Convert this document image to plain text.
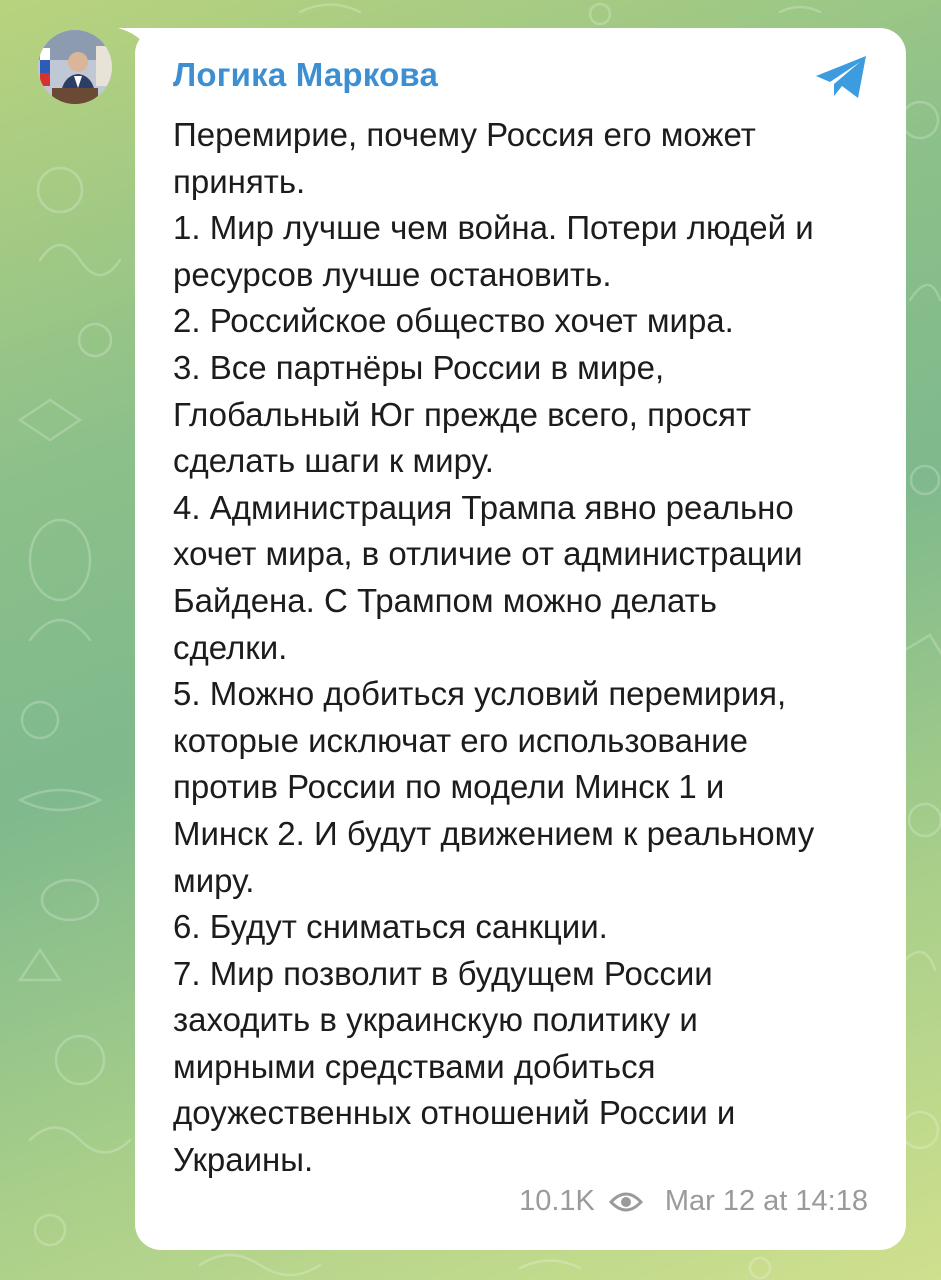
Логика Маркова
Перемирие, почему Россия его может
принять.
1. Мир лучше чем война. Потери людей и
ресурсов лучше остановить.
2. Российское общество хочет мира.
3. Все партнёры России в мире,
Глобальный Юг прежде всего, просят
сделать шаги к миру.
4. Администрация Трампа явно реально
хочет мира, в отличие от администрации
Байдена. С Трампом можно делать
сделки.
5. Можно добиться условий перемирия,
которые исключат его использование
против России по модели Минск 1 и
Минск 2. И будут движением к реальному
миру.
6. Будут сниматься санкции.
7. Мир позволит в будущем России
заходить в украинскую политику и
мирными средствами добиться
доужественных отношений России и
Украины.
10.1K Mar 12 at 14:18
